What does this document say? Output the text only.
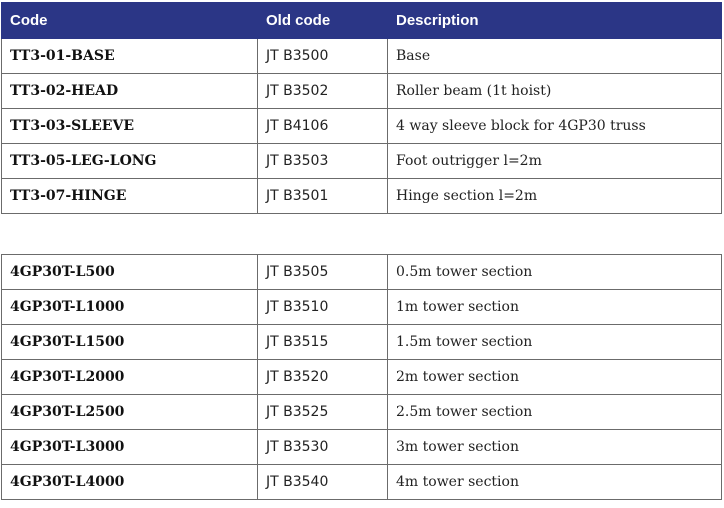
Code	Old code	Description
TT3-01-BASE	JT B3500	Base
TT3-02-HEAD	JT B3502	Roller beam (1t hoist)
TT3-03-SLEEVE	JT B4106	4 way sleeve block for 4GP30 truss
TT3-05-LEG-LONG	JT B3503	Foot outrigger l=2m
TT3-07-HINGE	JT B3501	Hinge section l=2m
4GP30T-L500	JT B3505	0.5m tower section
4GP30T-L1000	JT B3510	1m tower section
4GP30T-L1500	JT B3515	1.5m tower section
4GP30T-L2000	JT B3520	2m tower section
4GP30T-L2500	JT B3525	2.5m tower section
4GP30T-L3000	JT B3530	3m tower section
4GP30T-L4000	JT B3540	4m tower section
